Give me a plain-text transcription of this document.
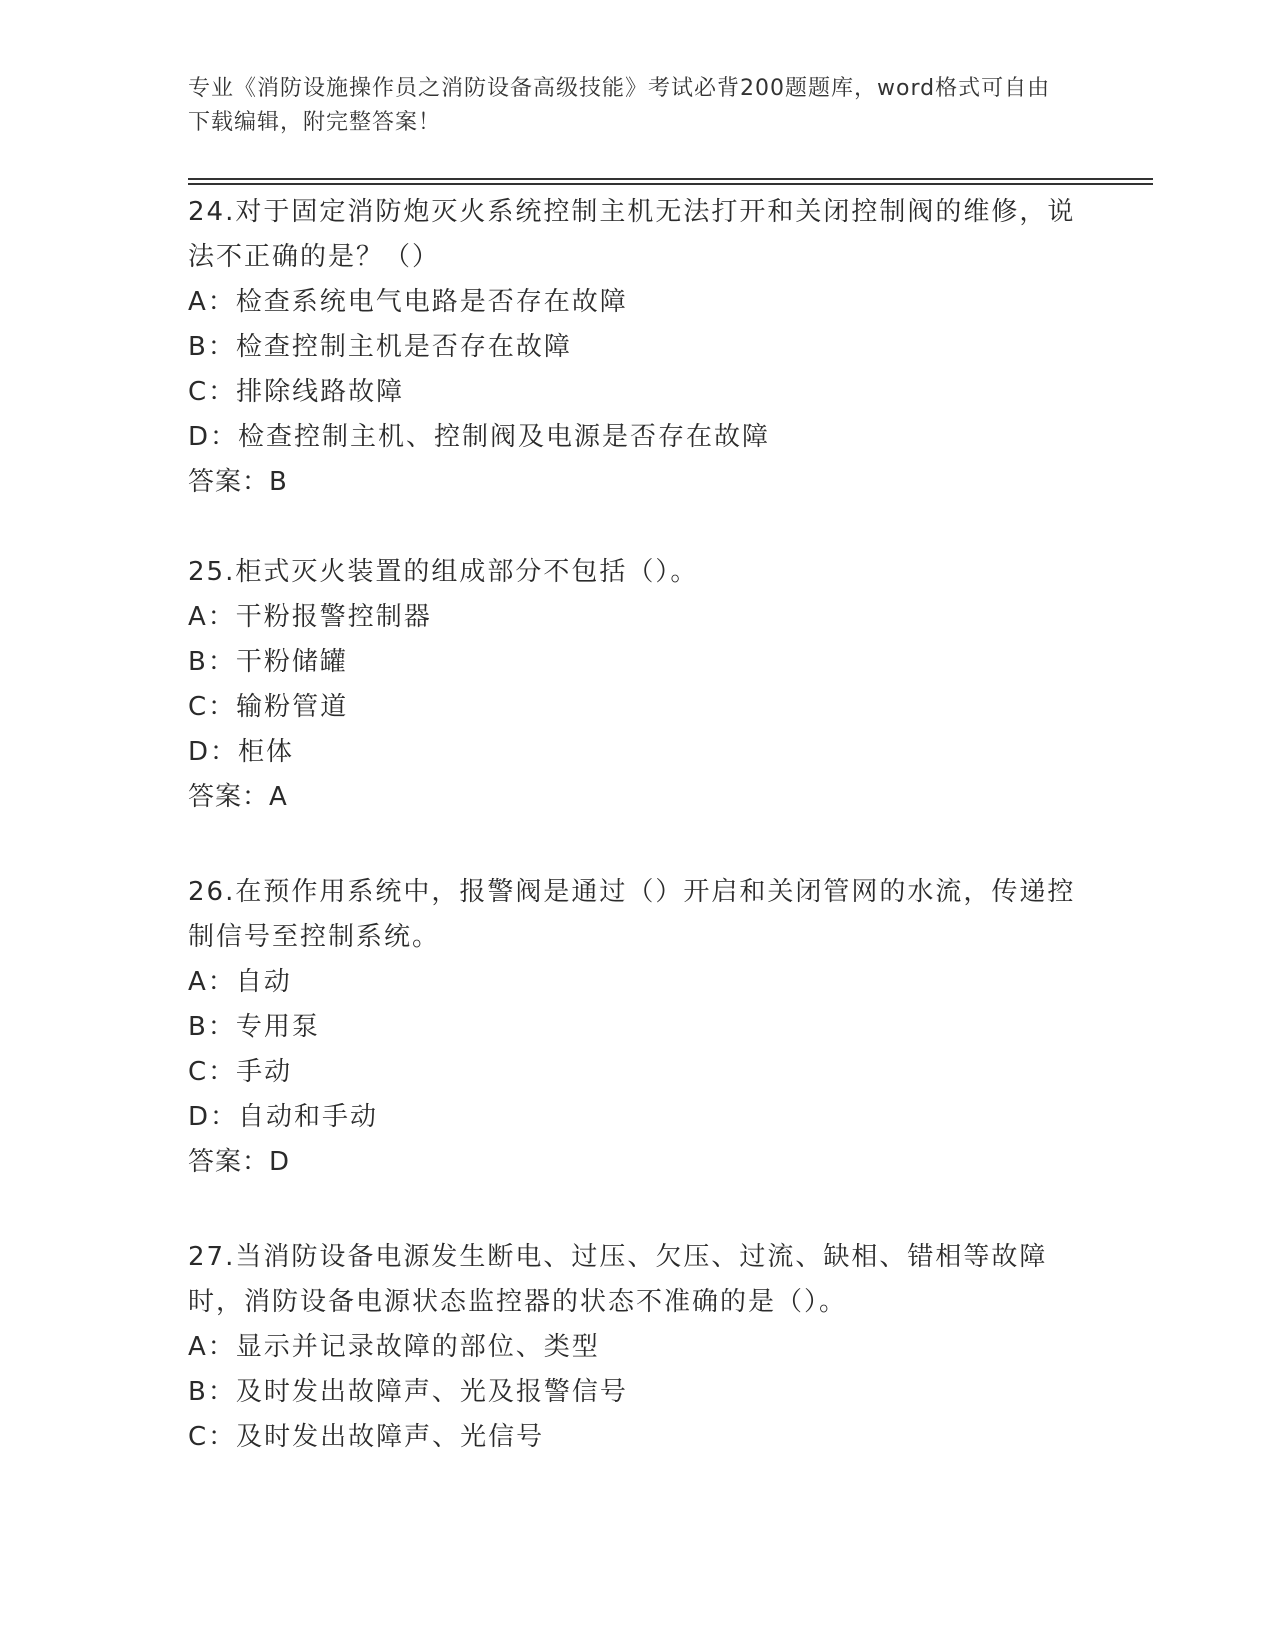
专业《消防设施操作员之消防设备高级技能》考试必背200题题库，word格式可自由下载编辑，附完整答案！
24.对于固定消防炮灭火系统控制主机无法打开和关闭控制阀的维修，说法不正确的是？（）
A：检查系统电气电路是否存在故障
B：检查控制主机是否存在故障
C：排除线路故障
D：检查控制主机、控制阀及电源是否存在故障
答案：B
25.柜式灭火装置的组成部分不包括（）。
A：干粉报警控制器
B：干粉储罐
C：输粉管道
D：柜体
答案：A
26.在预作用系统中，报警阀是通过（）开启和关闭管网的水流，传递控制信号至控制系统。
A：自动
B：专用泵
C：手动
D：自动和手动
答案：D
27.当消防设备电源发生断电、过压、欠压、过流、缺相、错相等故障时，消防设备电源状态监控器的状态不准确的是（）。
A：显示并记录故障的部位、类型
B：及时发出故障声、光及报警信号
C：及时发出故障声、光信号
